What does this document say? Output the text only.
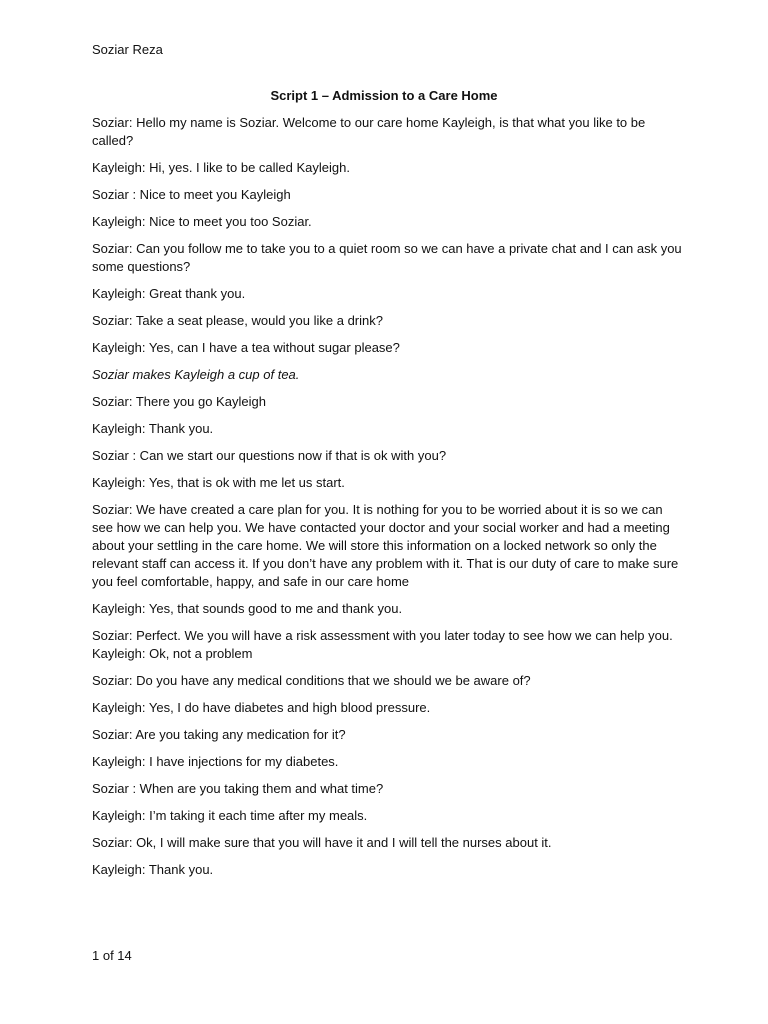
Soziar Reza
Script 1 – Admission to a Care Home

Soziar: Hello my name is Soziar. Welcome to our care home Kayleigh, is that what you like to be called?

Kayleigh: Hi, yes. I like to be called Kayleigh.

Soziar : Nice to meet you Kayleigh

Kayleigh: Nice to meet you too Soziar.

Soziar: Can you follow me to take you to a quiet room so we can have a private chat and I can ask you some questions?

Kayleigh: Great thank you.

Soziar: Take a seat please, would you like a drink?

Kayleigh: Yes, can I have a tea without sugar please?

Soziar makes Kayleigh a cup of tea.

Soziar: There you go Kayleigh

Kayleigh: Thank you.

Soziar : Can we start our questions now if that is ok with you?

Kayleigh: Yes, that is ok with me let us start.

Soziar: We have created a care plan for you. It is nothing for you to be worried about it is so we can see how we can help you. We have contacted your doctor and your social worker and had a meeting about your settling in the care home. We will store this information on a locked network so only the relevant staff can access it. If you don’t have any problem with it. That is our duty of care to make sure you feel comfortable, happy, and safe in our care home

Kayleigh: Yes, that sounds good to me and thank you.

Soziar: Perfect. We you will have a risk assessment with you later today to see how we can help you.

Kayleigh: Ok, not a problem

Soziar: Do you have any medical conditions that we should we be aware of?

Kayleigh: Yes, I do have diabetes and high blood pressure.

Soziar: Are you taking any medication for it?

Kayleigh: I have injections for my diabetes.

Soziar : When are you taking them and what time?

Kayleigh: I’m taking it each time after my meals.

Soziar: Ok, I will make sure that you will have it and I will tell the nurses about it.

Kayleigh: Thank you.

1 of 14
